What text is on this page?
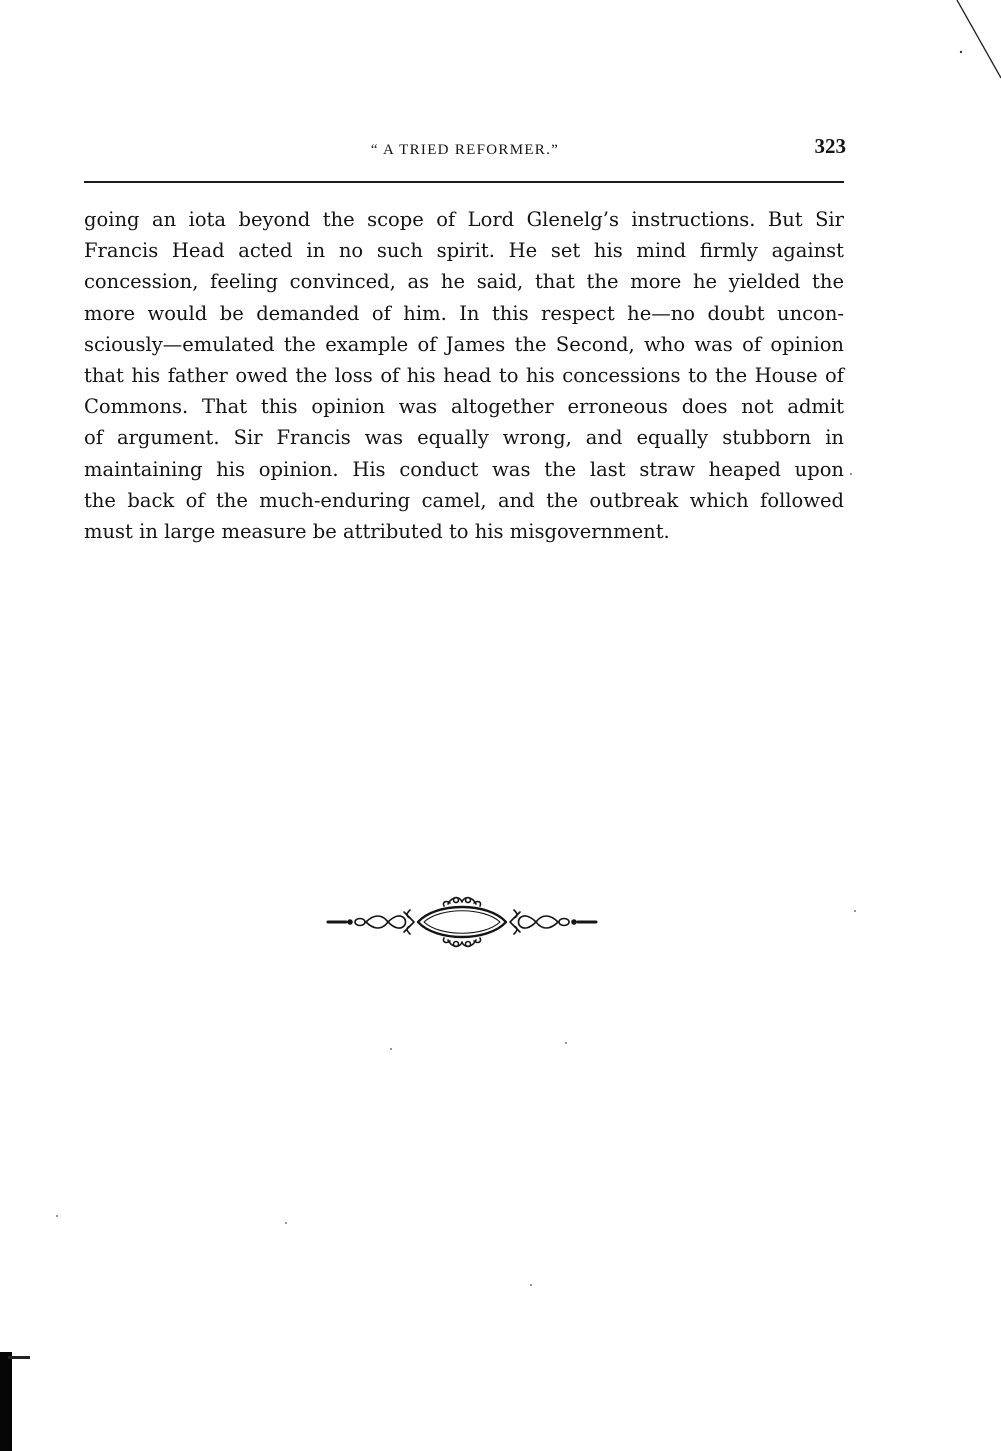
“ A TRIED REFORMER.”	323
going an iota beyond the scope of Lord Glenelg’s instructions. But Sir
Francis Head acted in no such spirit. He set his mind firmly against
concession, feeling convinced, as he said, that the more he yielded the
more would be demanded of him. In this respect he—no doubt uncon-
sciously—emulated the example of James the Second, who was of opinion
that his father owed the loss of his head to his concessions to the House of
Commons. That this opinion was altogether erroneous does not admit
of argument. Sir Francis was equally wrong, and equally stubborn in
maintaining his opinion. His conduct was the last straw heaped upon
the back of the much-enduring camel, and the outbreak which followed
must in large measure be attributed to his misgovernment.
